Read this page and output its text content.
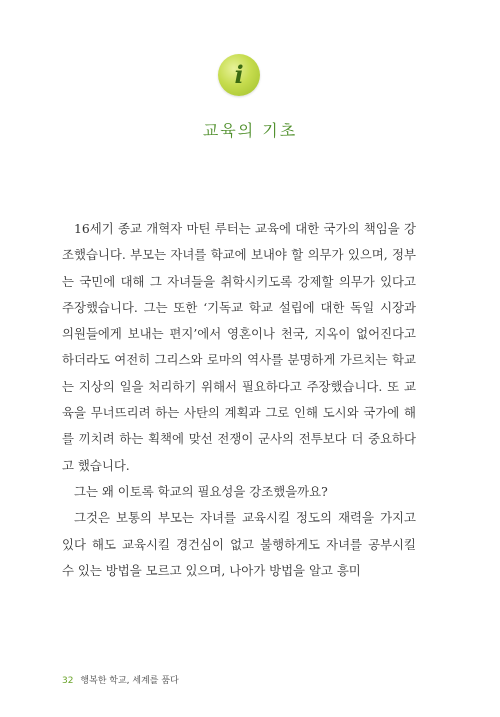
i
교육의 기초

16세기 종교 개혁자 마틴 루터는 교육에 대한 국가의 책임을 강조했습니다. 부모는 자녀를 학교에 보내야 할 의무가 있으며, 정부는 국민에 대해 그 자녀들을 취학시키도록 강제할 의무가 있다고 주장했습니다. 그는 또한 ‘기독교 학교 설립에 대한 독일 시장과 의원들에게 보내는 편지’에서 영혼이나 천국, 지옥이 없어진다고 하더라도 여전히 그리스와 로마의 역사를 분명하게 가르치는 학교는 지상의 일을 처리하기 위해서 필요하다고 주장했습니다. 또 교육을 무너뜨리려 하는 사탄의 계획과 그로 인해 도시와 국가에 해를 끼치려 하는 획책에 맞선 전쟁이 군사의 전투보다 더 중요하다고 했습니다.

그는 왜 이토록 학교의 필요성을 강조했을까요?

그것은 보통의 부모는 자녀를 교육시킬 정도의 재력을 가지고 있다 해도 교육시킬 경건심이 없고 불행하게도 자녀를 공부시킬 수 있는 방법을 모르고 있으며, 나아가 방법을 알고 흥미

32 행복한 학교, 세계를 품다
